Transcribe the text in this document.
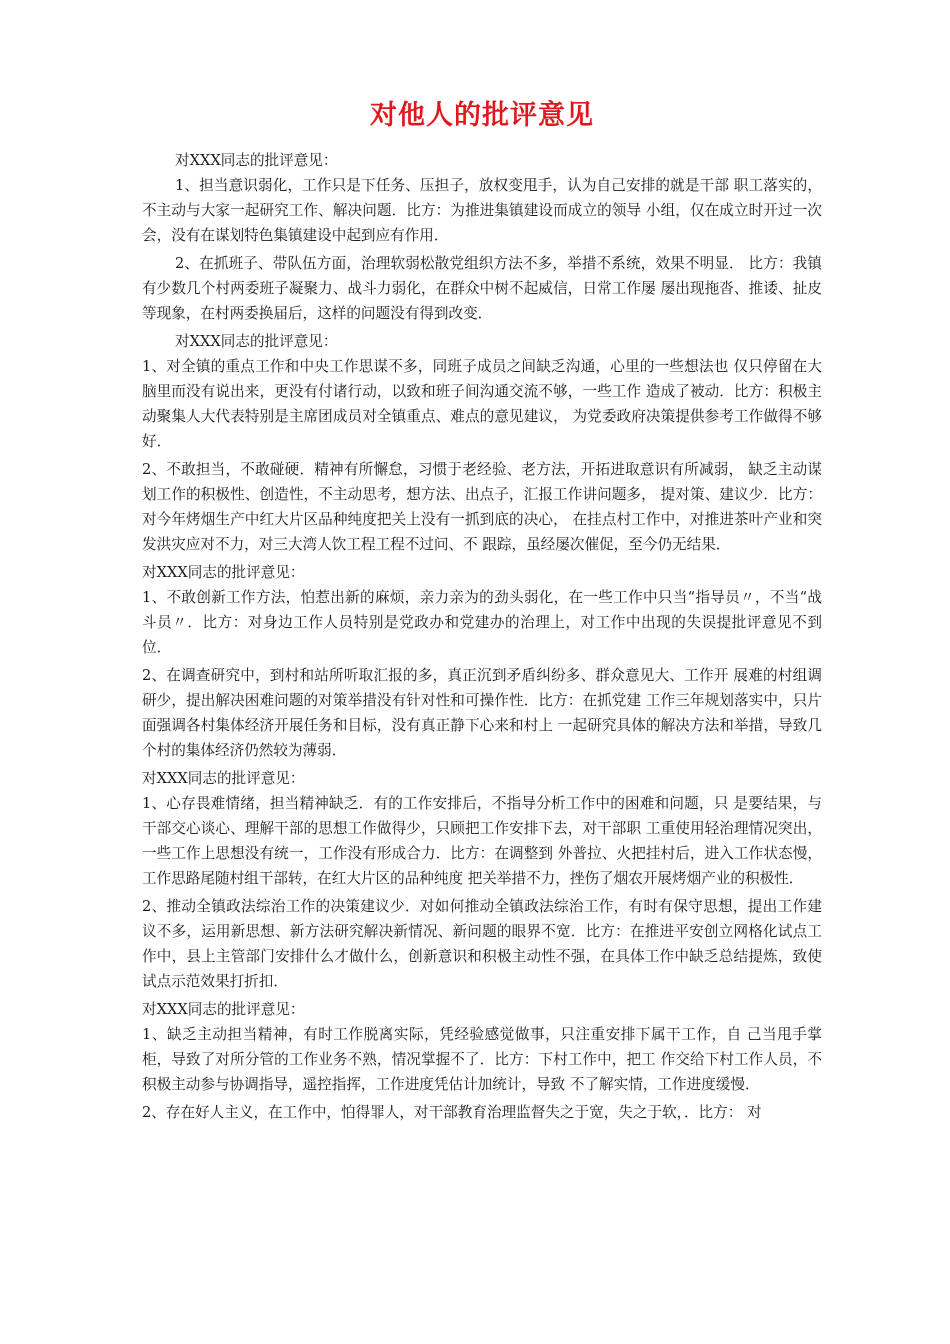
对他人的批评意见

对XXX同志的批评意见：

1、担当意识弱化，工作只是下任务、压担子，放权变甩手，认为自己安排的就是干部 职工落实的，不主动与大家一起研究工作、解决问题．比方：为推进集镇建设而成立的领导 小组，仅在成立时开过一次会，没有在谋划特色集镇建设中起到应有作用．

2、在抓班子、带队伍方面，治理软弱松散党组织方法不多，举措不系统，效果不明显． 比方：我镇有少数几个村两委班子凝聚力、战斗力弱化，在群众中树不起威信，日常工作屡 屡出现拖沓、推诿、扯皮等现象，在村两委换届后，这样的问题没有得到改变．

对XXX同志的批评意见：

1、对全镇的重点工作和中央工作思谋不多，同班子成员之间缺乏沟通，心里的一些想法也 仅只停留在大脑里而没有说出来，更没有付诸行动，以致和班子间沟通交流不够，一些工作 造成了被动．比方：积极主动聚集人大代表特别是主席团成员对全镇重点、难点的意见建议， 为党委政府决策提供参考工作做得不够好．

2、不敢担当，不敢碰硬．精神有所懈怠，习惯于老经验、老方法，开拓进取意识有所减弱， 缺乏主动谋划工作的积极性、创造性，不主动思考，想方法、出点子，汇报工作讲问题多， 提对策、建议少．比方：对今年烤烟生产中红大片区品种纯度把关上没有一抓到底的决心， 在挂点村工作中，对推进茶叶产业和突发洪灾应对不力，对三大湾人饮工程工程不过问、不 跟踪，虽经屡次催促，至今仍无结果．

对XXX同志的批评意见：

1、不敢创新工作方法，怕惹出新的麻烦，亲力亲为的劲头弱化，在一些工作中只当“指导员〃，不当“战斗员〃．比方：对身边工作人员特别是党政办和党建办的治理上，对工作中出现的失误提批评意见不到位．

2、在调查研究中，到村和站所听取汇报的多，真正沉到矛盾纠纷多、群众意见大、工作开 展难的村组调研少，提出解决困难问题的对策举措没有针对性和可操作性．比方：在抓党建 工作三年规划落实中，只片面强调各村集体经济开展任务和目标，没有真正静下心来和村上 一起研究具体的解决方法和举措，导致几个村的集体经济仍然较为薄弱．

对XXX同志的批评意见：

1、心存畏难情绪，担当精神缺乏．有的工作安排后，不指导分析工作中的困难和问题，只 是要结果，与干部交心谈心、理解干部的思想工作做得少，只顾把工作安排下去，对干部职 工重使用轻治理情况突出，一些工作上思想没有统一，工作没有形成合力．比方：在调整到 外普拉、火把挂村后，进入工作状态慢，工作思路尾随村组干部转，在红大片区的品种纯度 把关举措不力，挫伤了烟农开展烤烟产业的积极性．

2、推动全镇政法综治工作的决策建议少．对如何推动全镇政法综治工作，有时有保守思想，提出工作建议不多，运用新思想、新方法研究解决新情况、新问题的眼界不宽．比方：在推进平安创立网格化试点工作中，县上主管部门安排什么才做什么，创新意识和积极主动性不强，在具体工作中缺乏总结提炼，致使试点示范效果打折扣．

对XXX同志的批评意见：

1、缺乏主动担当精神，有时工作脱离实际，凭经验感觉做事，只注重安排下属干工作，自 己当甩手掌柜，导致了对所分管的工作业务不熟，情况掌握不了．比方：下村工作中，把工 作交给下村工作人员，不积极主动参与协调指导，遥控指挥，工作进度凭估计加统计，导致 不了解实情，工作进度缓慢．

2、存在好人主义，在工作中，怕得罪人，对干部教育治理监督失之于宽，失之于软，．比方： 对
